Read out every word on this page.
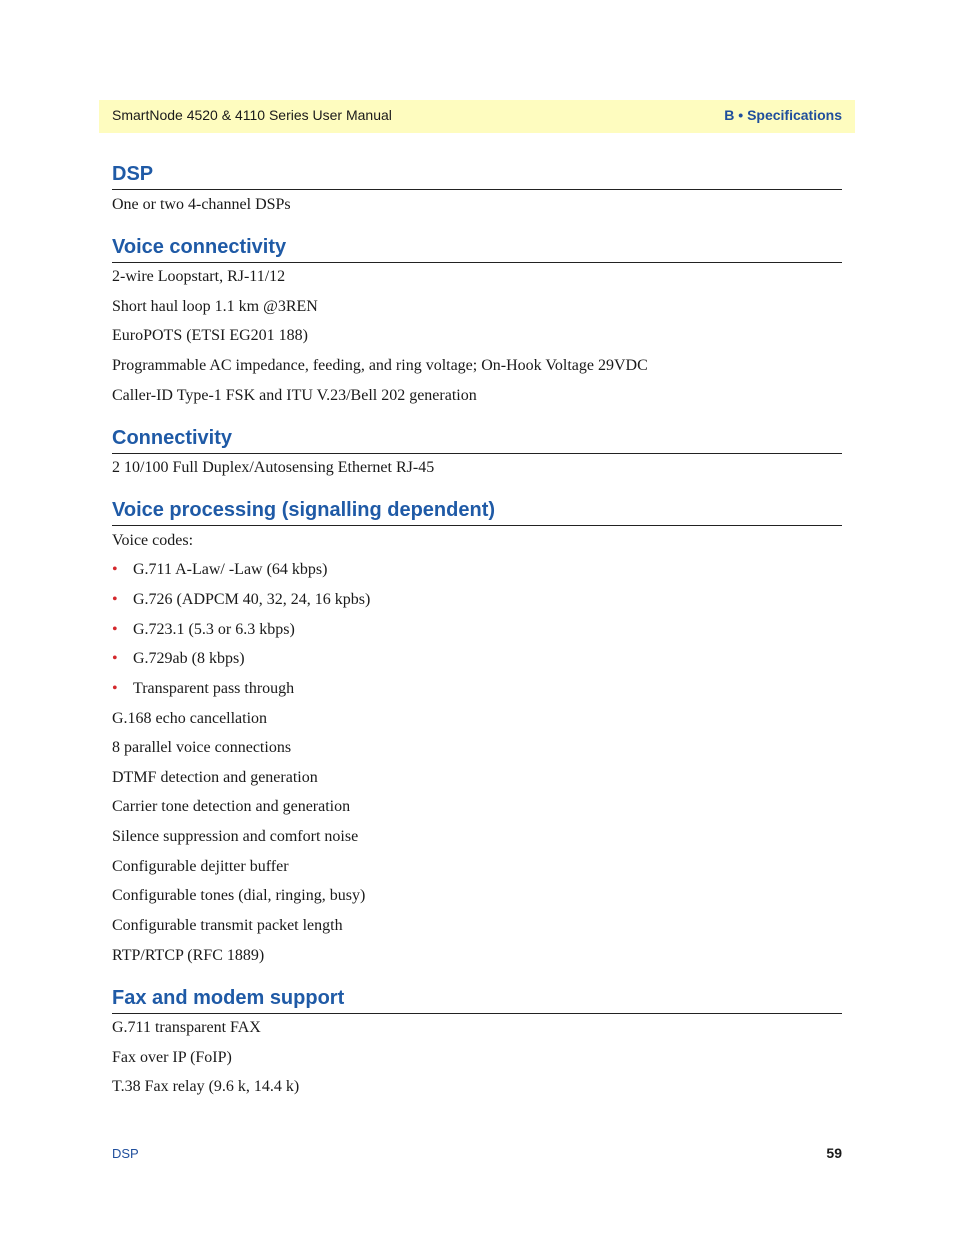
SmartNode 4520 & 4110 Series User Manual	B • Specifications
DSP

One or two 4-channel DSPs

Voice connectivity

2-wire Loopstart, RJ-11/12

Short haul loop 1.1 km @3REN

EuroPOTS (ETSI EG201 188)

Programmable AC impedance, feeding, and ring voltage; On-Hook Voltage 29VDC

Caller-ID Type-1 FSK and ITU V.23/Bell 202 generation

Connectivity

2 10/100 Full Duplex/Autosensing Ethernet RJ-45

Voice processing (signalling dependent)

Voice codes:

• G.711 A-Law/ -Law (64 kbps)

• G.726 (ADPCM 40, 32, 24, 16 kpbs)

• G.723.1 (5.3 or 6.3 kbps)

• G.729ab (8 kbps)

• Transparent pass through

G.168 echo cancellation

8 parallel voice connections

DTMF detection and generation

Carrier tone detection and generation

Silence suppression and comfort noise

Configurable dejitter buffer

Configurable tones (dial, ringing, busy)

Configurable transmit packet length

RTP/RTCP (RFC 1889)

Fax and modem support

G.711 transparent FAX

Fax over IP (FoIP)

T.38 Fax relay (9.6 k, 14.4 k)

DSP	59
